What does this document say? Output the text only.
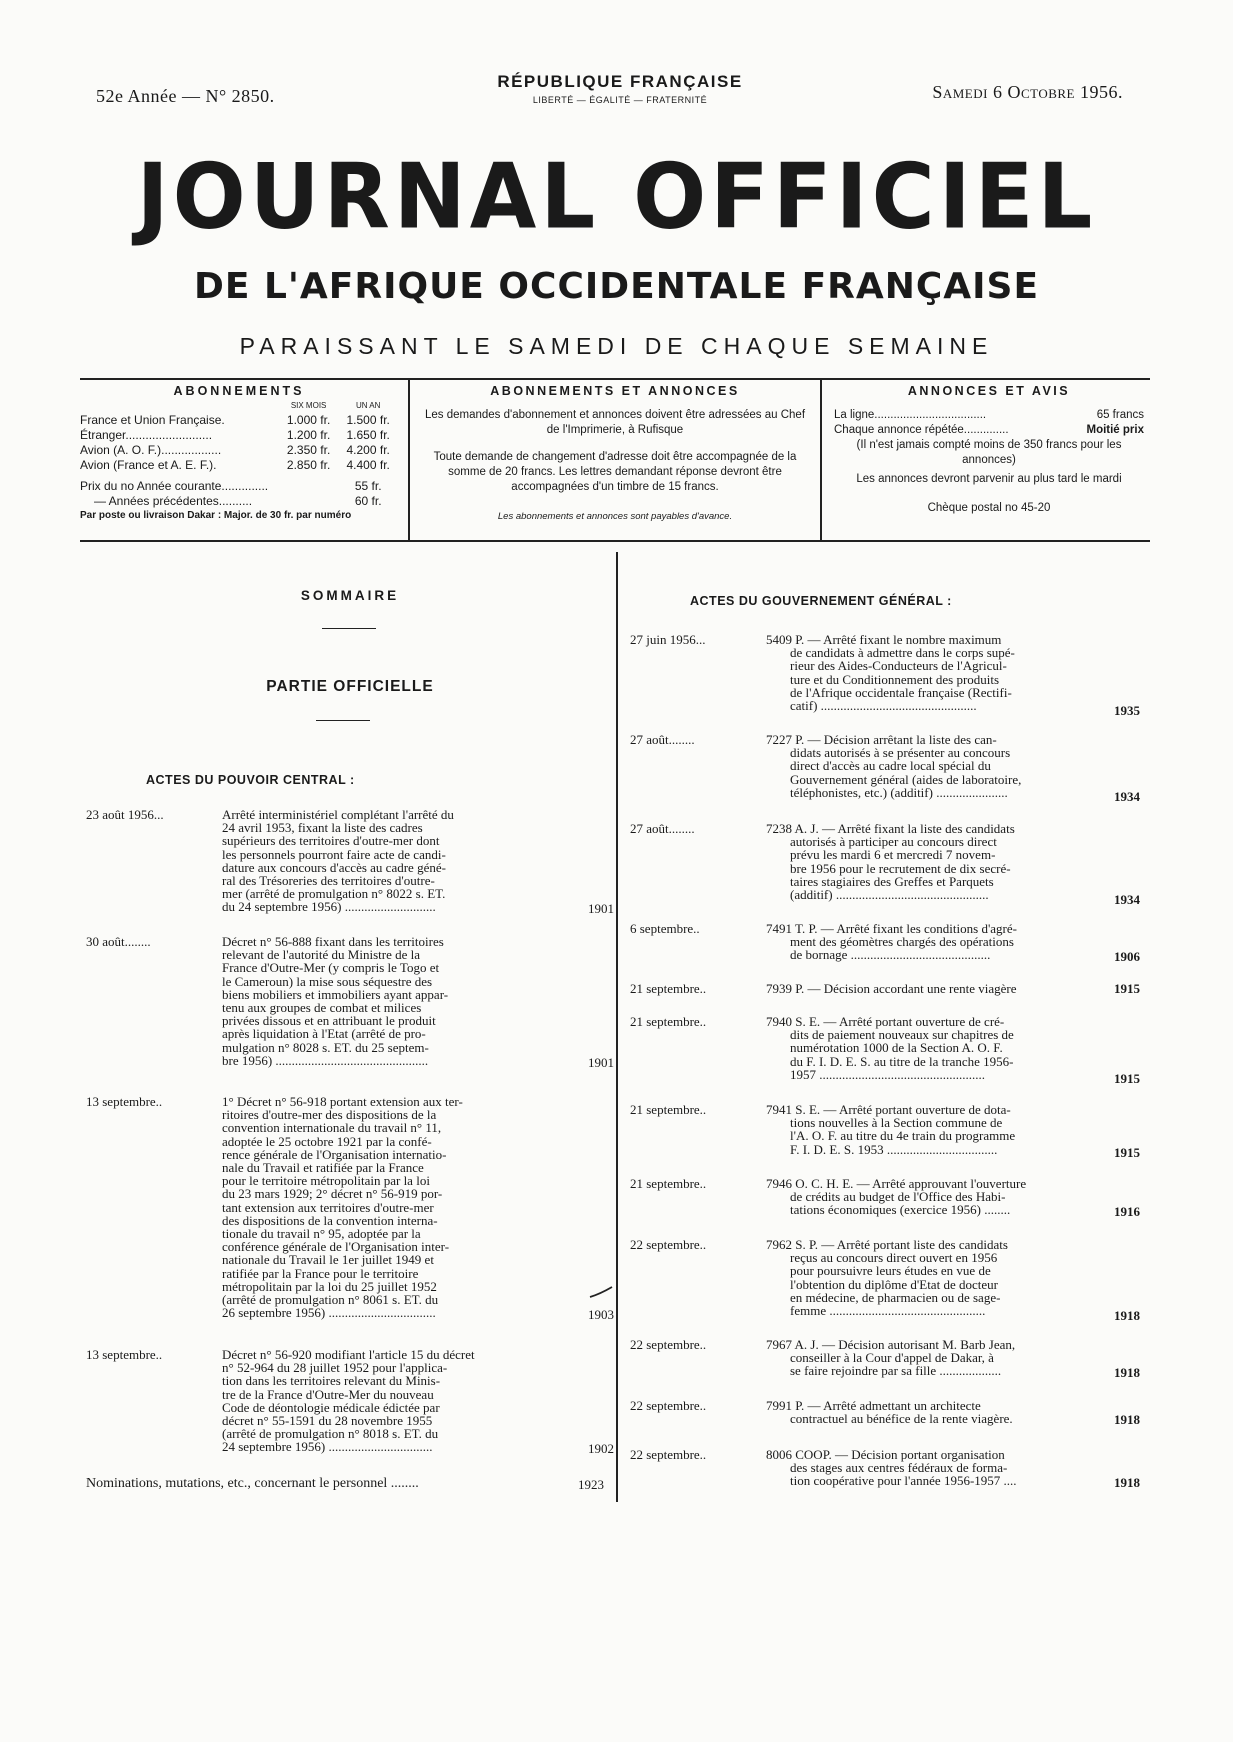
52e Année — N° 2850.
RÉPUBLIQUE FRANÇAISE
LIBERTÉ — ÉGALITÉ — FRATERNITÉ	Samedi 6 Octobre 1956.
JOURNAL OFFICIEL
DE L'AFRIQUE OCCIDENTALE FRANÇAISE
PARAISSANT LE SAMEDI DE CHAQUE SEMAINE
ABONNEMENTS
	SIX MOIS	UN AN
France et Union Française.	1.000 fr.	1.500 fr.
Étranger..........................	1.200 fr.	1.650 fr.
Avion (A. O. F.)..................	2.350 fr.	4.200 fr.
Avion (France et A. E. F.).	2.850 fr.	4.400 fr.

Prix du no Année courante..............		55 fr.
— Années précédentes..........		60 fr.
Par poste ou livraison Dakar : Major. de 30 fr. par numéro
ABONNEMENTS ET ANNONCES

Les demandes d'abonnement et annonces doivent être adressées au Chef de l'Imprimerie, à Rufisque

Toute demande de changement d'adresse doit être accompagnée de la somme de 20 francs. Les lettres demandant réponse devront être accompagnées d'un timbre de 15 francs.

Les abonnements et annonces sont payables d'avance.

ANNONCES ET AVIS
La ligne...................................	65 francs
Chaque annonce répétée..............	Moitié prix

(Il n'est jamais compté moins de 350 francs pour les annonces)

Les annonces devront parvenir au plus tard le mardi

Chèque postal no 45-20

SOMMAIRE
PARTIE OFFICIELLE
ACTES DU POUVOIR CENTRAL :
ACTES DU GOUVERNEMENT GÉNÉRAL :
23 août 1956...	Arrêté interministériel complétant l'arrêté du
24 avril 1953, fixant la liste des cadres
supérieurs des territoires d'outre-mer dont
les personnels pourront faire acte de candi-
dature aux concours d'accès au cadre géné-
ral des Trésoreries des territoires d'outre-
mer (arrêté de promulgation n° 8022 s. ET.
du 24 septembre 1956) ............................	1901
30 août........	Décret n° 56-888 fixant dans les territoires
relevant de l'autorité du Ministre de la
France d'Outre-Mer (y compris le Togo et
le Cameroun) la mise sous séquestre des
biens mobiliers et immobiliers ayant appar-
tenu aux groupes de combat et milices
privées dissous et en attribuant le produit
après liquidation à l'Etat (arrêté de pro-
mulgation n° 8028 s. ET. du 25 septem-
bre 1956) ...............................................	1901
13 septembre..	1° Décret n° 56-918 portant extension aux ter-
ritoires d'outre-mer des dispositions de la
convention internationale du travail n° 11,
adoptée le 25 octobre 1921 par la confé-
rence générale de l'Organisation internatio-
nale du Travail et ratifiée par la France
pour le territoire métropolitain par la loi
du 23 mars 1929; 2° décret n° 56-919 por-
tant extension aux territoires d'outre-mer
des dispositions de la convention interna-
tionale du travail n° 95, adoptée par la
conférence générale de l'Organisation inter-
nationale du Travail le 1er juillet 1949 et
ratifiée par la France pour le territoire
métropolitain par la loi du 25 juillet 1952
(arrêté de promulgation n° 8061 s. ET. du
26 septembre 1956) .................................	1903
13 septembre..	Décret n° 56-920 modifiant l'article 15 du décret
n° 52-964 du 28 juillet 1952 pour l'applica-
tion dans les territoires relevant du Minis-
tre de la France d'Outre-Mer du nouveau
Code de déontologie médicale édictée par
décret n° 55-1591 du 28 novembre 1955
(arrêté de promulgation n° 8018 s. ET. du
24 septembre 1956) ................................	1902
Nominations, mutations, etc., concernant le personnel ........	1923
27 juin 1956...	5409 P. — Arrêté fixant le nombre maximum
de candidats à admettre dans le corps supé-
rieur des Aides-Conducteurs de l'Agricul-
ture et du Conditionnement des produits
de l'Afrique occidentale française (Rectifi-
catif) ................................................	1935
27 août........	7227 P. — Décision arrêtant la liste des can-
didats autorisés à se présenter au concours
direct d'accès au cadre local spécial du
Gouvernement général (aides de laboratoire,
téléphonistes, etc.) (additif) ......................	1934
27 août........	7238 A. J. — Arrêté fixant la liste des candidats
autorisés à participer au concours direct
prévu les mardi 6 et mercredi 7 novem-
bre 1956 pour le recrutement de dix secré-
taires stagiaires des Greffes et Parquets
(additif) ...............................................	1934
6 septembre..	7491 T. P. — Arrêté fixant les conditions d'agré-
ment des géomètres chargés des opérations
de bornage ...........................................	1906
21 septembre..	7939 P. — Décision accordant une rente viagère	1915
21 septembre..	7940 S. E. — Arrêté portant ouverture de cré-
dits de paiement nouveaux sur chapitres de
numérotation 1000 de la Section A. O. F.
du F. I. D. E. S. au titre de la tranche 1956-
1957 ...................................................	1915
21 septembre..	7941 S. E. — Arrêté portant ouverture de dota-
tions nouvelles à la Section commune de
l'A. O. F. au titre du 4e train du programme
F. I. D. E. S. 1953 ..................................	1915
21 septembre..	7946 O. C. H. E. — Arrêté approuvant l'ouverture
de crédits au budget de l'Office des Habi-
tations économiques (exercice 1956) ........	1916
22 septembre..	7962 S. P. — Arrêté portant liste des candidats
reçus au concours direct ouvert en 1956
pour poursuivre leurs études en vue de
l'obtention du diplôme d'Etat de docteur
en médecine, de pharmacien ou de sage-
femme ................................................	1918
22 septembre..	7967 A. J. — Décision autorisant M. Barb Jean,
conseiller à la Cour d'appel de Dakar, à
se faire rejoindre par sa fille ...................	1918
22 septembre..	7991 P. — Arrêté admettant un architecte
contractuel au bénéfice de la rente viagère.	1918
22 septembre..	8006 COOP. — Décision portant organisation
des stages aux centres fédéraux de forma-
tion coopérative pour l'année 1956-1957 ....	1918
